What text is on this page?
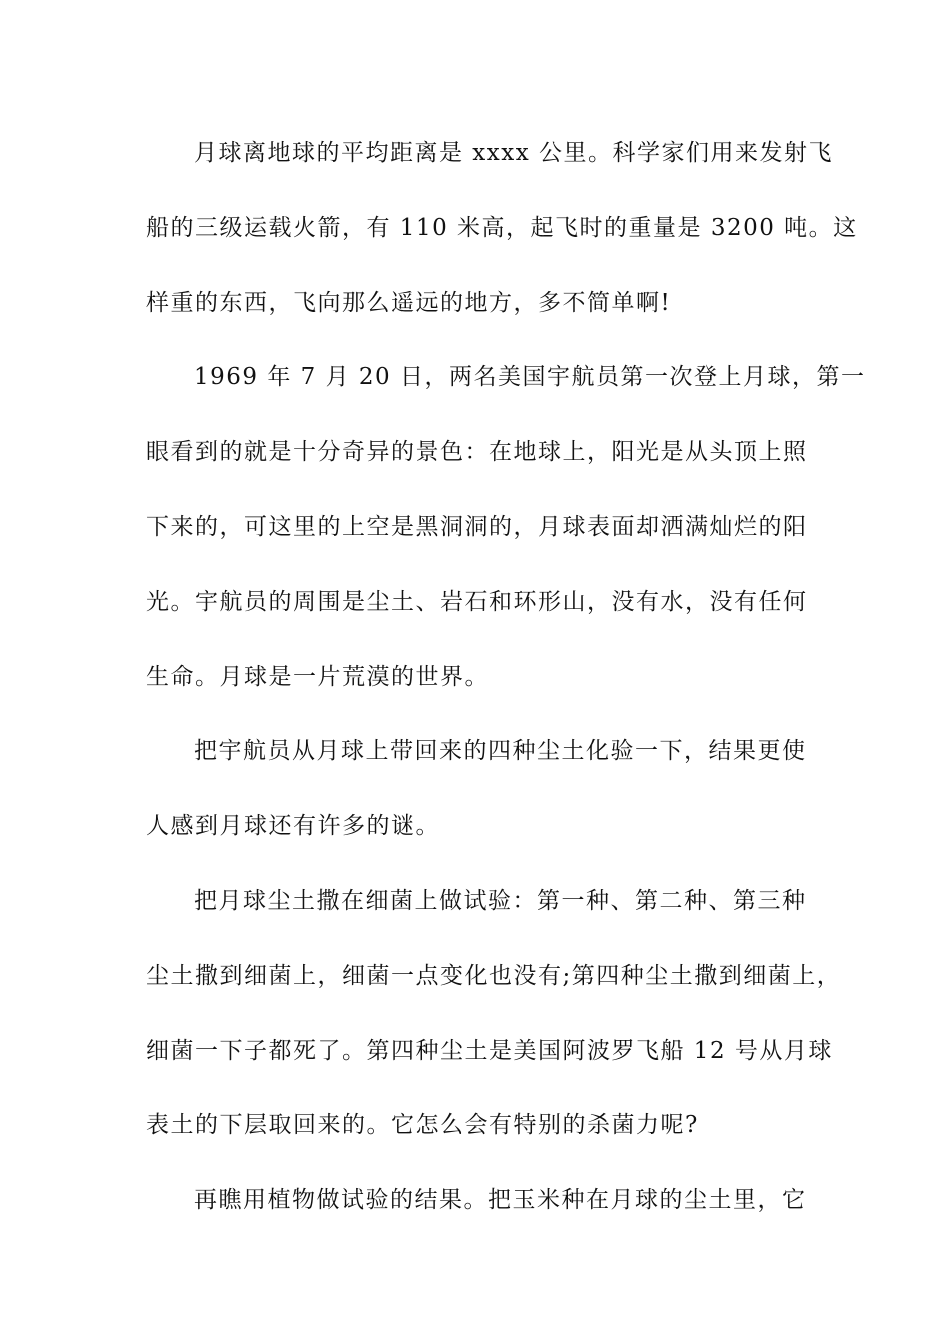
月球离地球的平均距离是 xxxx 公里。科学家们用来发射飞
船的三级运载火箭，有 110 米高，起飞时的重量是 3200 吨。这
样重的东西，飞向那么遥远的地方，多不简单啊!
1969 年 7 月 20 日，两名美国宇航员第一次登上月球，第一
眼看到的就是十分奇异的景色：在地球上，阳光是从头顶上照
下来的，可这里的上空是黑洞洞的，月球表面却洒满灿烂的阳
光。宇航员的周围是尘土、岩石和环形山，没有水，没有任何
生命。月球是一片荒漠的世界。
把宇航员从月球上带回来的四种尘土化验一下，结果更使
人感到月球还有许多的谜。
把月球尘土撒在细菌上做试验：第一种、第二种、第三种
尘土撒到细菌上，细菌一点变化也没有;第四种尘土撒到细菌上，
细菌一下子都死了。第四种尘土是美国阿波罗飞船 12 号从月球
表土的下层取回来的。它怎么会有特别的杀菌力呢?
再瞧用植物做试验的结果。把玉米种在月球的尘土里，它
